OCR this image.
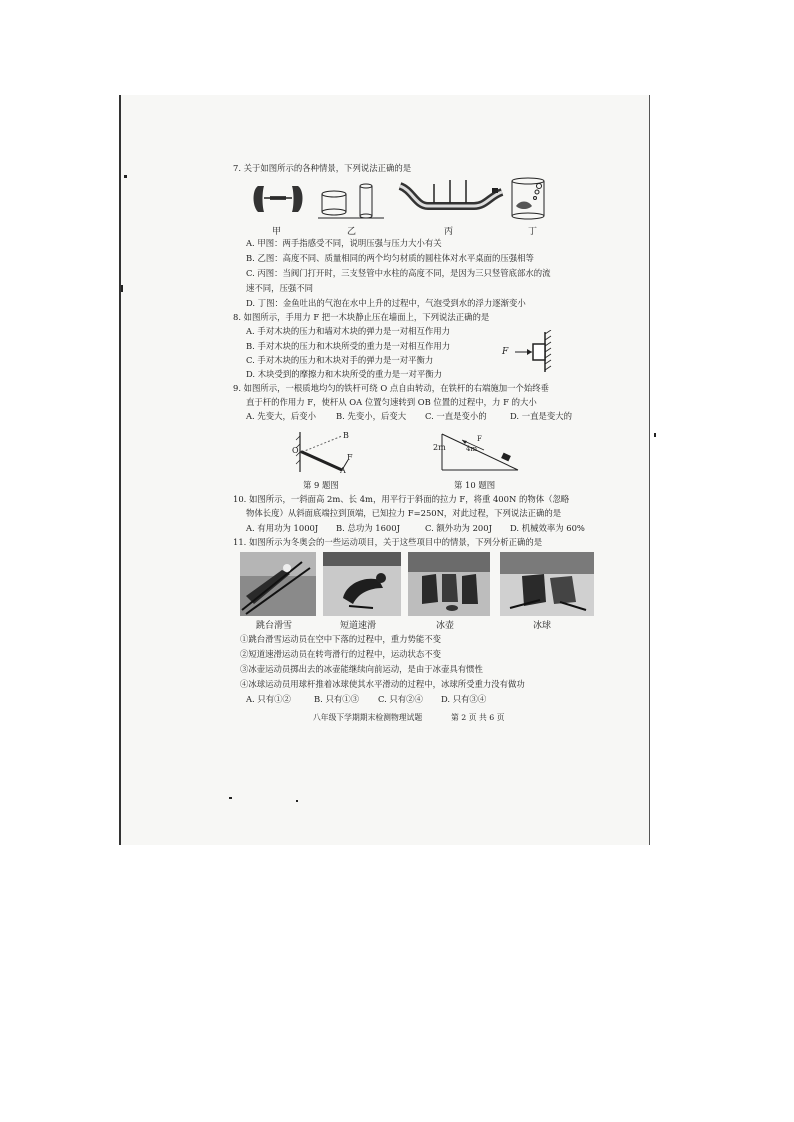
7. 关于如图所示的各种情景，下列说法正确的是
甲	乙	丙	丁
A. 甲图：两手指感受不同，说明压强与压力大小有关
B. 乙图：高度不同、质量相同的两个均匀材质的圆柱体对水平桌面的压强相等
C. 丙图：当阀门打开时，三支竖管中水柱的高度不同，是因为三只竖管底部水的流
速不同，压强不同
D. 丁图：金鱼吐出的气泡在水中上升的过程中，气泡受到水的浮力逐渐变小
8. 如图所示，手用力 F 把一木块静止压在墙面上，下列说法正确的是
A. 手对木块的压力和墙对木块的弹力是一对相互作用力
B. 手对木块的压力和木块所受的重力是一对相互作用力
C. 手对木块的压力和木块对手的弹力是一对平衡力
D. 木块受到的摩擦力和木块所受的重力是一对平衡力
F
9. 如图所示，一根质地均匀的铁杆可绕 O 点自由转动，在铁杆的右端施加一个始终垂
直于杆的作用力 F，使杆从 OA 位置匀速转到 OB 位置的过程中，力 F 的大小
A. 先变大，后变小 B. 先变小，后变大 C. 一直是变小的	D. 一直是变大的
O
B
A
F
第 9 题图
2m	4m
F
第 10 题图
10. 如图所示，一斜面高 2m、长 4m，用平行于斜面的拉力 F，将重 400N 的物体（忽略
物体长度）从斜面底端拉到顶端，已知拉力 F=250N，对此过程，下列说法正确的是
A. 有用功为 1000J B. 总功为 1600J	C. 额外功为 200J D. 机械效率为 60%
11. 如图所示为冬奥会的一些运动项目，关于这些项目中的情景，下列分析正确的是
跳台滑雪	短道速滑	冰壶	冰球
①跳台滑雪运动员在空中下落的过程中，重力势能不变
②短道速滑运动员在转弯滑行的过程中，运动状态不变
③冰壶运动员掷出去的冰壶能继续向前运动，是由于冰壶具有惯性
④冰球运动员用球杆推着冰球使其水平滑动的过程中，冰球所受重力没有做功
A. 只有①②	B. 只有①③ C. 只有②④ D. 只有③④
八年级下学期期末检测物理试题	第 2 页 共 6 页
